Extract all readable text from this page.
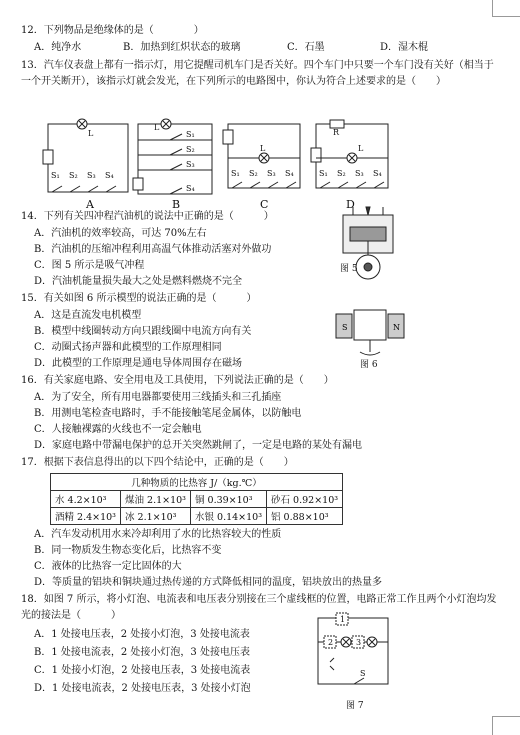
12．下列物品是绝缘体的是（　　　　）
A．纯净水	B．加热到红炽状态的玻璃	C．石墨	D．湿木棍
13．汽车仪表盘上都有一指示灯，用它提醒司机车门是否关好。四个车门中只要一个车门没有关好（相当于一个开关断开），该指示灯就会发光，在下列所示的电路图中，你认为符合上述要求的是（　　）
L
S₁ S₂ S₃ S₄
L
S₁
S₂
S₃
S₄
L
S₁ S₂ S₃ S₄
R
L
S₁ S₂ S₃ S₄
A	B	C	D
14．下列有关四冲程汽油机的说法中正确的是（　　　）
A．汽油机的效率较高，可达 70%左右
B．汽油机的压缩冲程利用高温气体推动活塞对外做功
C．图 5 所示是吸气冲程
D．汽油机能量损失最大之处是燃料燃烧不完全
图 5
15．有关如图 6 所示模型的说法正确的是（　　　）
A．这是直流发电机模型
B．模型中线圈转动方向只跟线圈中电流方向有关
C．动圈式扬声器和此模型的工作原理相同
D．此模型的工作原理是通电导体周围存在磁场
S	N
图 6
16．有关家庭电路、安全用电及工具使用，下列说法正确的是（　　）
A．为了安全，所有用电器都要使用三线插头和三孔插座
B．用测电笔检查电路时，手不能接触笔尾金属体，以防触电
C．人接触裸露的火线也不一定会触电
D．家庭电路中带漏电保护的总开关突然跳闸了，一定是电路的某处有漏电
17．根据下表信息得出的以下四个结论中，正确的是（　　）
几种物质的比热容 J/（kg.℃）			
水 4.2×10³	煤油 2.1×10³	铜 0.39×10³	砂石 0.92×10³
酒精 2.4×10³	冰 2.1×10³	水银 0.14×10³	铝 0.88×10³
A．汽车发动机用水来冷却利用了水的比热容较大的性质
B．同一物质发生物态变化后，比热容不变
C．液体的比热容一定比固体的大
D．等质量的铝块和铜块通过热传递的方式降低相同的温度，铝块放出的热量多
18．如图 7 所示，将小灯泡、电流表和电压表分别接在三个虚线框的位置，电路正常工作且两个小灯泡均发光的接法是（　　　）
A．1 处接电压表，2 处接小灯泡，3 处接电流表
B．1 处接电流表，2 处接小灯泡，3 处接电压表
C．1 处接小灯泡，2 处接电压表，3 处接电流表
D．1 处接电流表，2 处接电压表，3 处接小灯泡
1
2	3
S
图 7
